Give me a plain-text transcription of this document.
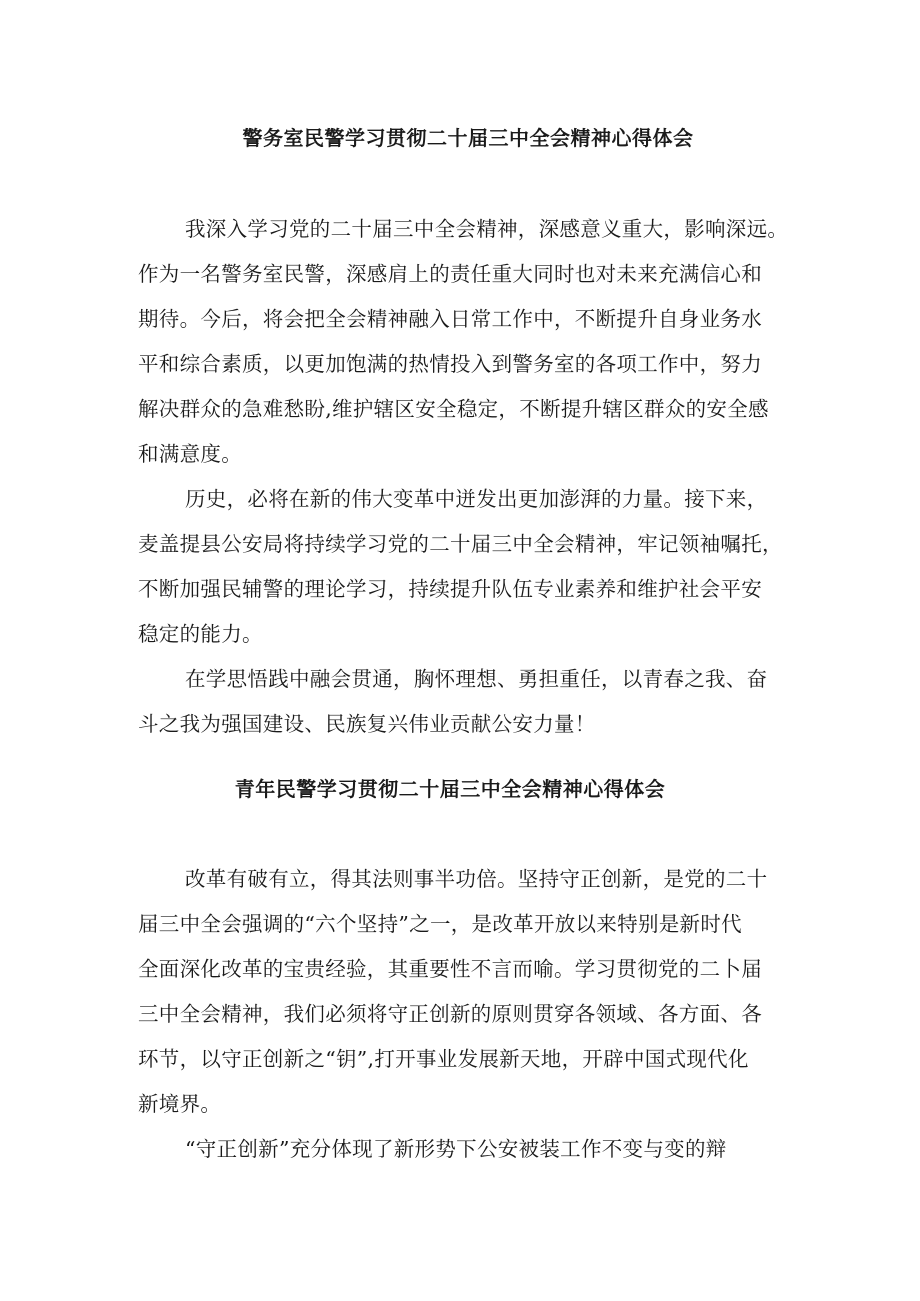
警务室民警学习贯彻二十届三中全会精神心得体会
我深入学习党的二十届三中全会精神，深感意义重大，影响深远。
作为一名警务室民警，深感肩上的责任重大同时也对未来充满信心和
期待。今后，将会把全会精神融入日常工作中，不断提升自身业务水
平和综合素质，以更加饱满的热情投入到警务室的各项工作中，努力
解决群众的急难愁盼,维护辖区安全稳定，不断提升辖区群众的安全感
和满意度。
历史，必将在新的伟大变革中迸发出更加澎湃的力量。接下来，
麦盖提县公安局将持续学习党的二十届三中全会精神，牢记领袖嘱托，
不断加强民辅警的理论学习，持续提升队伍专业素养和维护社会平安
稳定的能力。
在学思悟践中融会贯通，胸怀理想、勇担重任，以青春之我、奋
斗之我为强国建设、民族复兴伟业贡献公安力量！
青年民警学习贯彻二十届三中全会精神心得体会
改革有破有立，得其法则事半功倍。坚持守正创新，是党的二十
届三中全会强调的“六个坚持”之一，是改革开放以来特别是新时代
全面深化改革的宝贵经验，其重要性不言而喻。学习贯彻党的二卜届
三中全会精神，我们必须将守正创新的原则贯穿各领域、各方面、各
环节，以守正创新之“钥”,打开事业发展新天地，开辟中国式现代化
新境界。
“守正创新”充分体现了新形势下公安被装工作不变与变的辩
